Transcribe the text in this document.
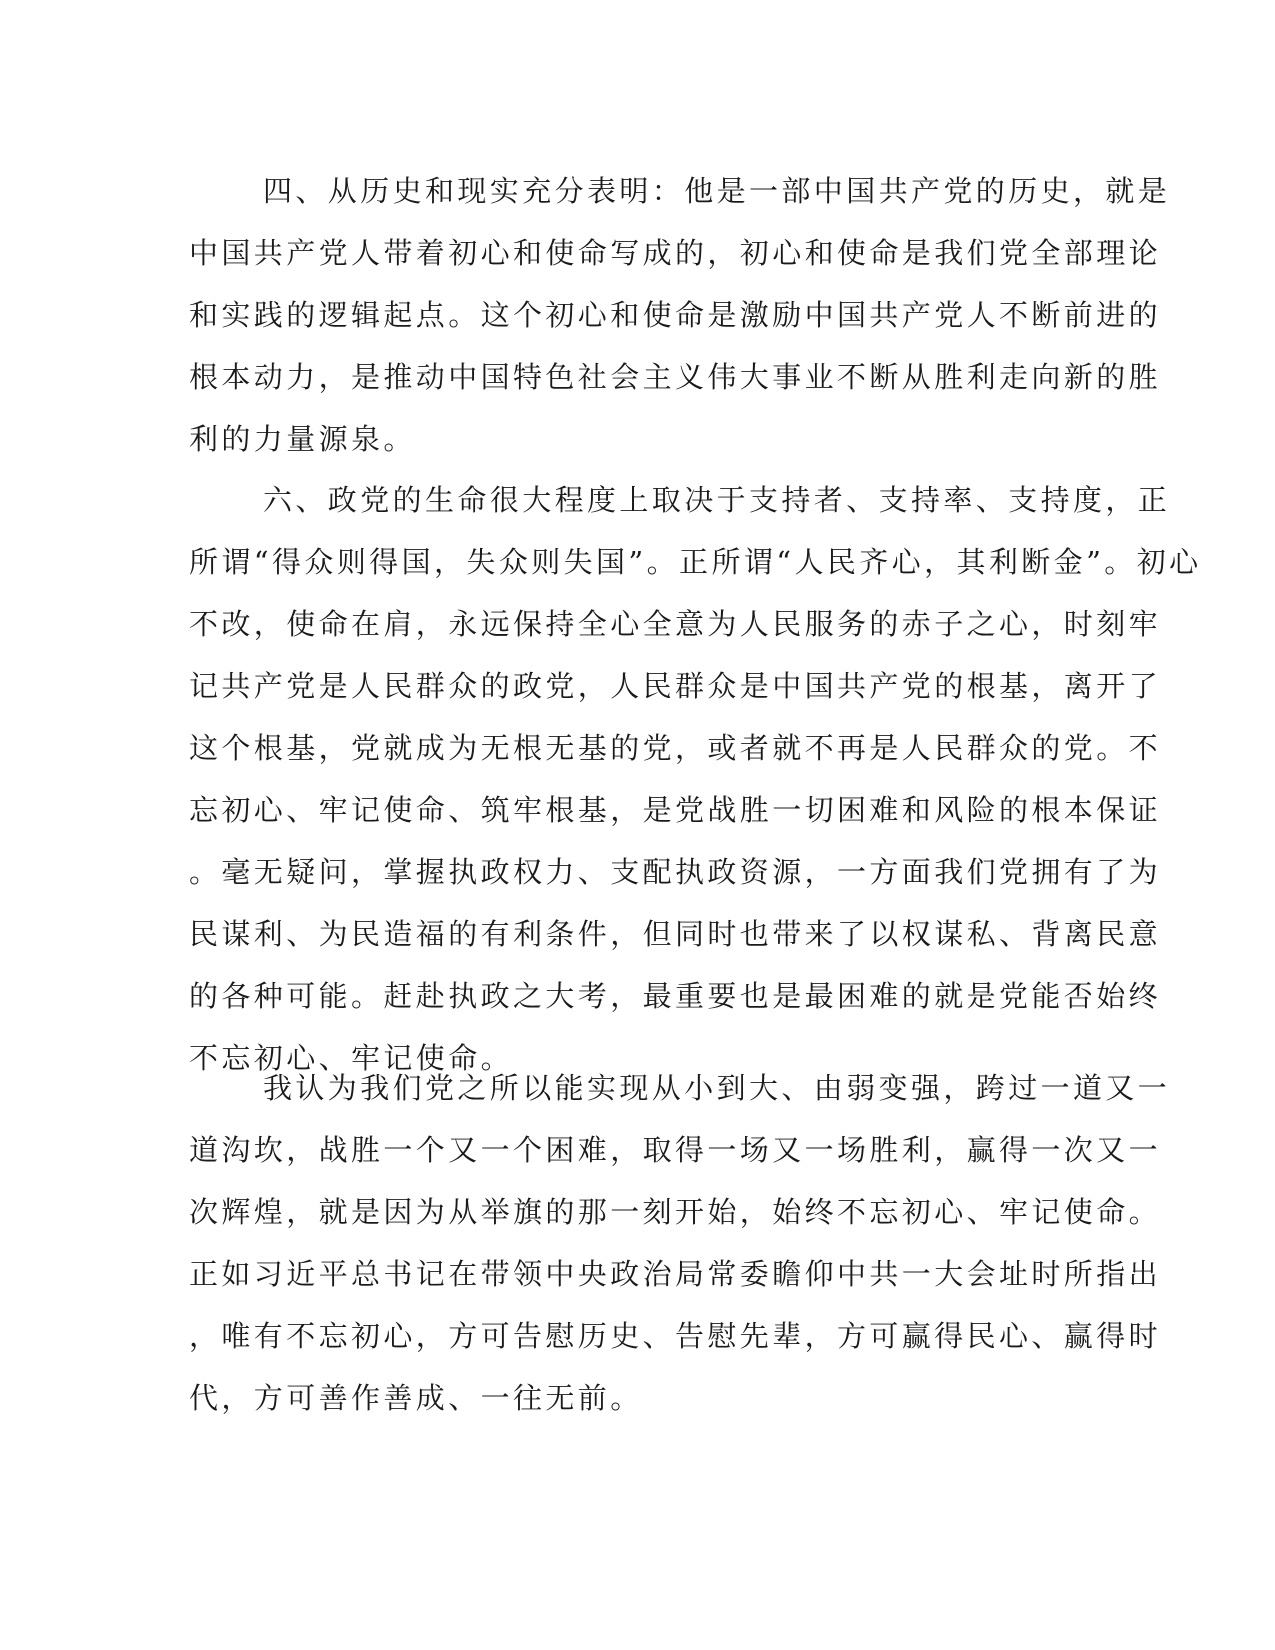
四、从历史和现实充分表明：他是一部中国共产党的历史，就是
中国共产党人带着初心和使命写成的，初心和使命是我们党全部理论
和实践的逻辑起点。这个初心和使命是激励中国共产党人不断前进的
根本动力，是推动中国特色社会主义伟大事业不断从胜利走向新的胜
利的力量源泉。
六、政党的生命很大程度上取决于支持者、支持率、支持度，正
所谓“得众则得国，失众则失国”。正所谓“人民齐心，其利断金”。初心
不改，使命在肩，永远保持全心全意为人民服务的赤子之心，时刻牢
记共产党是人民群众的政党，人民群众是中国共产党的根基，离开了
这个根基，党就成为无根无基的党，或者就不再是人民群众的党。不
忘初心、牢记使命、筑牢根基，是党战胜一切困难和风险的根本保证
。毫无疑问，掌握执政权力、支配执政资源，一方面我们党拥有了为
民谋利、为民造福的有利条件，但同时也带来了以权谋私、背离民意
的各种可能。赶赴执政之大考，最重要也是最困难的就是党能否始终
不忘初心、牢记使命。
我认为我们党之所以能实现从小到大、由弱变强，跨过一道又一
道沟坎，战胜一个又一个困难，取得一场又一场胜利，赢得一次又一
次辉煌，就是因为从举旗的那一刻开始，始终不忘初心、牢记使命。
正如习近平总书记在带领中央政治局常委瞻仰中共一大会址时所指出
，唯有不忘初心，方可告慰历史、告慰先辈，方可赢得民心、赢得时
代，方可善作善成、一往无前。
